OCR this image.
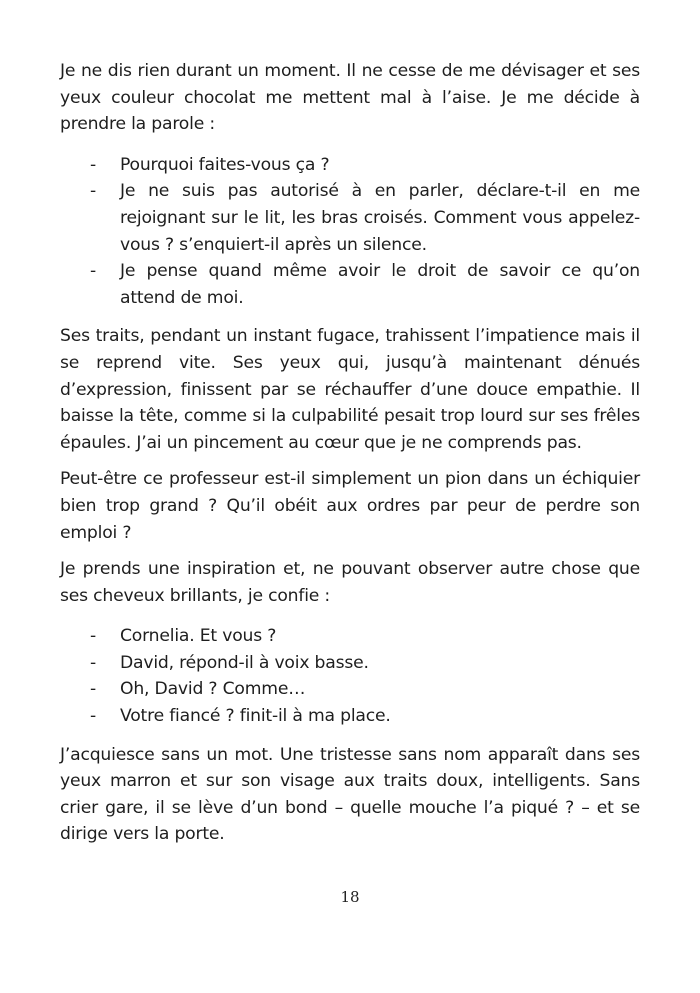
Je ne dis rien durant un moment. Il ne cesse de me dévisager et ses yeux couleur chocolat me mettent mal à l’aise. Je me décide à prendre la parole :

- Pourquoi faites-vous ça ?
- Je ne suis pas autorisé à en parler, déclare-t-il en me rejoignant sur le lit, les bras croisés. Comment vous appelez-vous ? s’enquiert-il après un silence.
- Je pense quand même avoir le droit de savoir ce qu’on attend de moi.

Ses traits, pendant un instant fugace, trahissent l’impatience mais il se reprend vite. Ses yeux qui, jusqu’à maintenant dénués d’expression, finissent par se réchauffer d’une douce empathie. Il baisse la tête, comme si la culpabilité pesait trop lourd sur ses frêles épaules. J’ai un pincement au cœur que je ne comprends pas.

Peut-être ce professeur est-il simplement un pion dans un échiquier bien trop grand ? Qu’il obéit aux ordres par peur de perdre son emploi ?

Je prends une inspiration et, ne pouvant observer autre chose que ses cheveux brillants, je confie :

- Cornelia. Et vous ?
- David, répond-il à voix basse.
- Oh, David ? Comme…
- Votre fiancé ? finit-il à ma place.

J’acquiesce sans un mot. Une tristesse sans nom apparaît dans ses yeux marron et sur son visage aux traits doux, intelligents. Sans crier gare, il se lève d’un bond – quelle mouche l’a piqué ? – et se dirige vers la porte.

18
